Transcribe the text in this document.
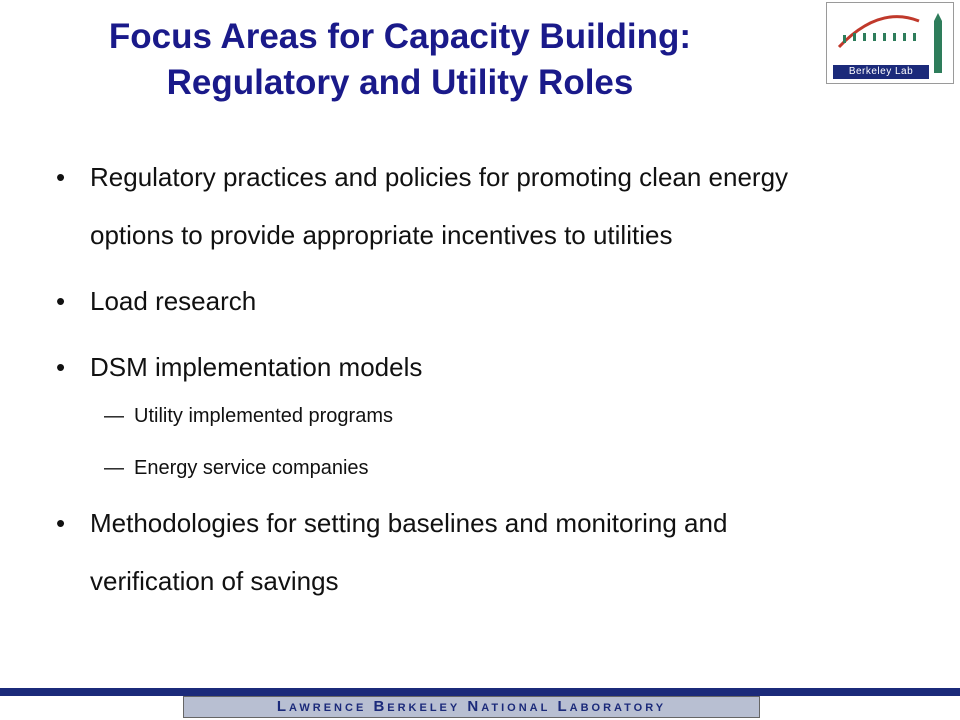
Focus Areas for Capacity Building:
Regulatory and Utility Roles	Berkeley Lab
• Regulatory practices and policies for promoting clean energy options to provide appropriate incentives to utilities
• Load research
• DSM implementation models
— Utility implemented programs
— Energy service companies
• Methodologies for setting baselines and monitoring and verification of savings
Lawrence Berkeley National Laboratory
